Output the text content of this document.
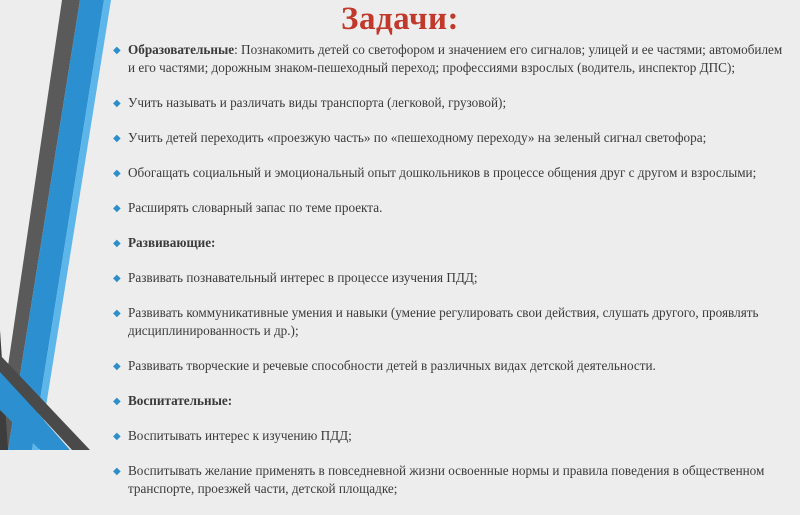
Задачи:
◆ Образовательные: Познакомить детей со светофором и значением его сигналов; улицей и ее частями; автомобилем и его частями; дорожным знаком-пешеходный переход; профессиями взрослых (водитель, инспектор ДПС);
◆ Учить называть и различать виды транспорта (легковой, грузовой);
◆ Учить детей переходить «проезжую часть» по «пешеходному переходу» на зеленый сигнал светофора;
◆ Обогащать социальный и эмоциональный опыт дошкольников в процессе общения друг с другом и взрослыми;
◆ Расширять словарный запас по теме проекта.
◆ Развивающие:
◆ Развивать познавательный интерес в процессе изучения ПДД;
◆ Развивать коммуникативные умения и навыки (умение регулировать свои действия, слушать другого, проявлять дисциплинированность и др.);
◆ Развивать творческие и речевые способности детей в различных видах детской деятельности.
◆ Воспитательные:
◆ Воспитывать интерес к изучению ПДД;
◆ Воспитывать желание применять в повседневной жизни освоенные нормы и правила поведения в общественном транспорте, проезжей части, детской площадке;
